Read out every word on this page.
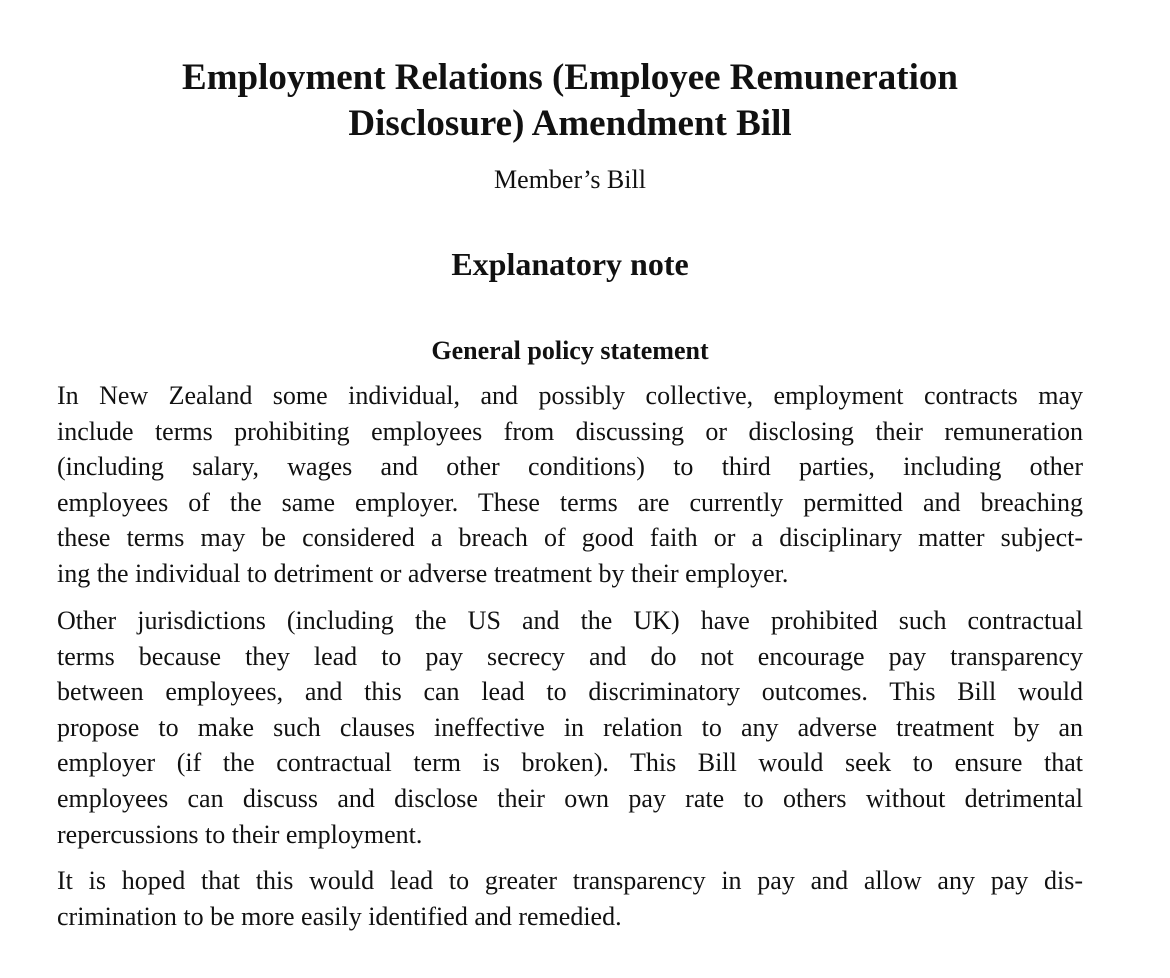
Employment Relations (Employee Remuneration
Disclosure) Amendment Bill
Member’s Bill
Explanatory note
General policy statement

In New Zealand some individual, and possibly collective, employment contracts may
include terms prohibiting employees from discussing or disclosing their remuneration
(including salary, wages and other conditions) to third parties, including other
employees of the same employer. These terms are currently permitted and breaching
these terms may be considered a breach of good faith or a disciplinary matter subject-
ing the individual to detriment or adverse treatment by their employer.

Other jurisdictions (including the US and the UK) have prohibited such contractual
terms because they lead to pay secrecy and do not encourage pay transparency
between employees, and this can lead to discriminatory outcomes. This Bill would
propose to make such clauses ineffective in relation to any adverse treatment by an
employer (if the contractual term is broken). This Bill would seek to ensure that
employees can discuss and disclose their own pay rate to others without detrimental
repercussions to their employment.

It is hoped that this would lead to greater transparency in pay and allow any pay dis-
crimination to be more easily identified and remedied.
